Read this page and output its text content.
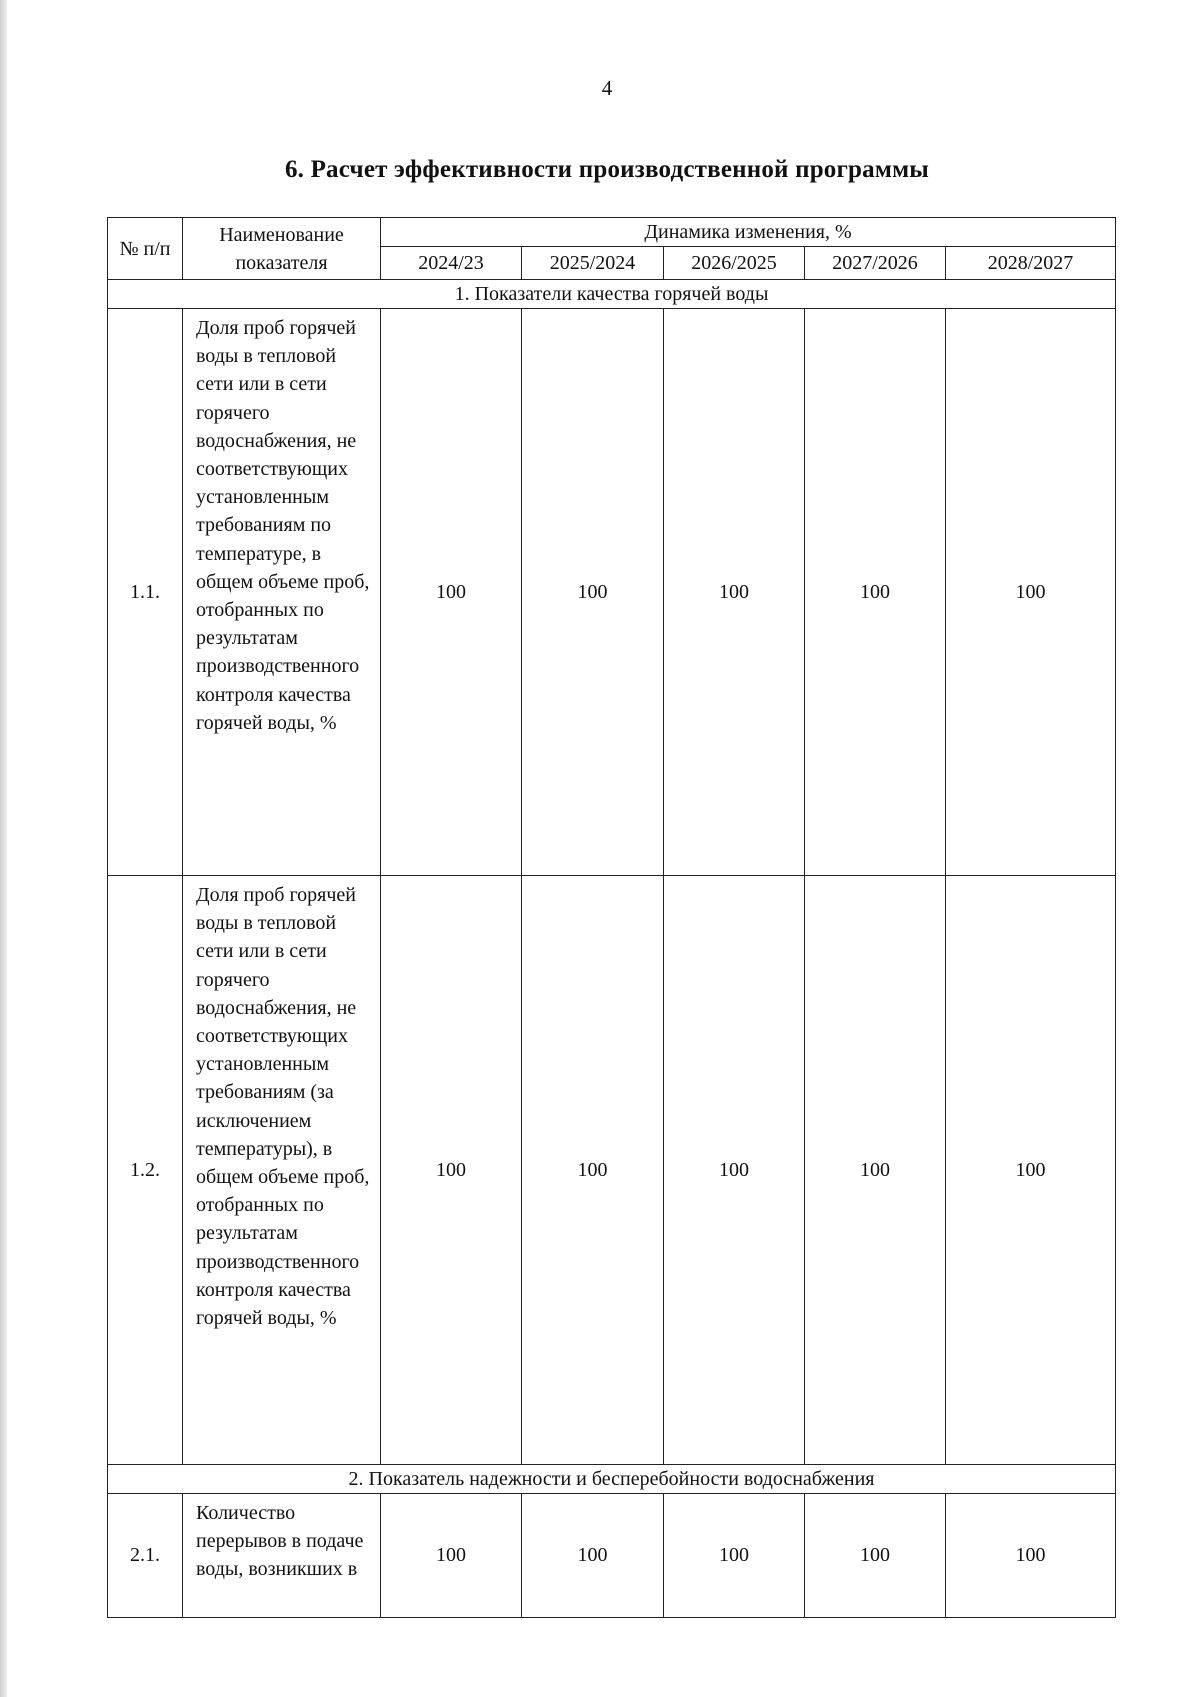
4
6. Расчет эффективности производственной программы
№ п/п	Наименование показателя	Динамика изменения, %				
		2024/23	2025/2024	2026/2025	2027/2026	2028/2027
1. Показатели качества горячей воды						
1.1.	Доля проб горячей воды в тепловой сети или в сети горячего водоснабжения, не соответствующих установленным требованиям по температуре, в общем объеме проб, отобранных по результатам производственного контроля качества горячей воды, %	100	100	100	100	100
1.2.	Доля проб горячей воды в тепловой сети или в сети горячего водоснабжения, не соответствующих установленным требованиям (за исключением температуры), в общем объеме проб, отобранных по результатам производственного контроля качества горячей воды, %	100	100	100	100	100
2. Показатель надежности и бесперебойности водоснабжения						
2.1.	Количество перерывов в подаче воды, возникших в	100	100	100	100	100
